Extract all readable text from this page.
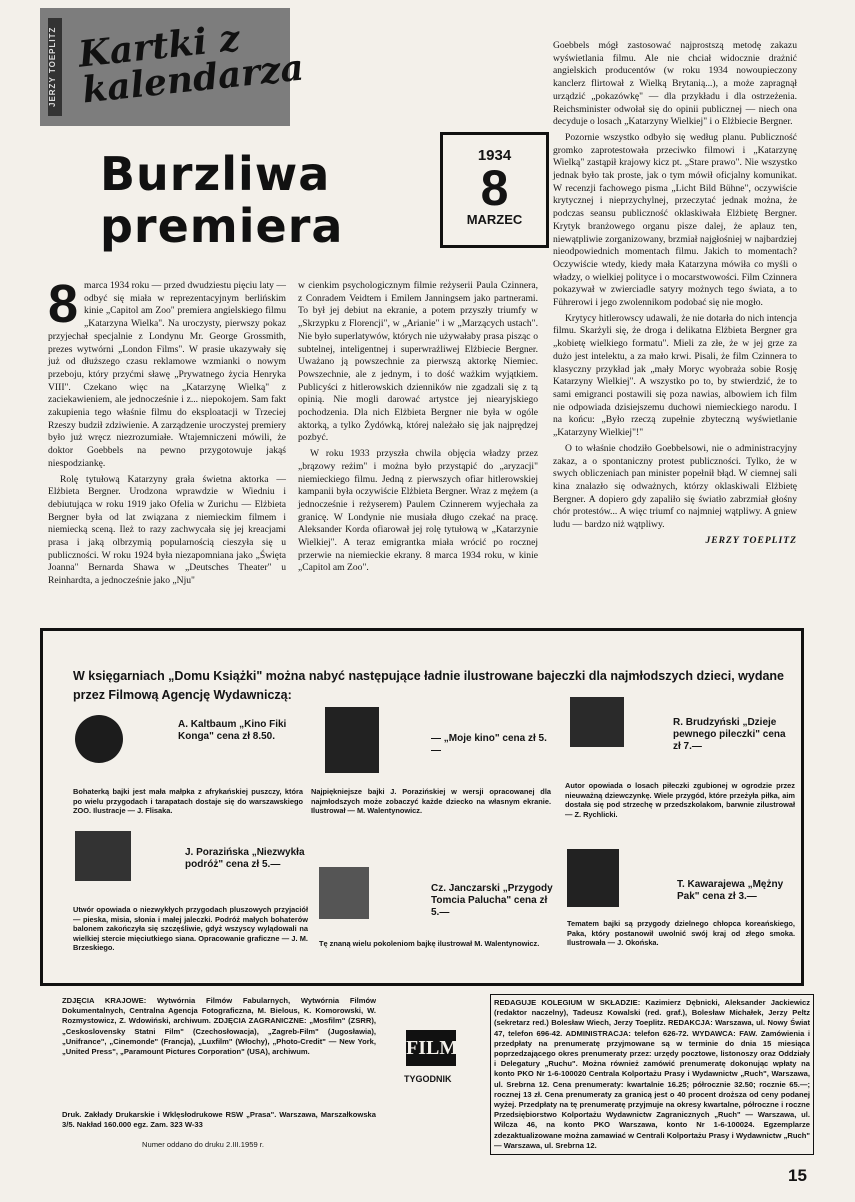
JERZY TOEPLITZ Kartki z kalendarza
Burzliwa
premiera
1934
8
MARZEC
8 marca 1934 roku — przed dwudziestu pięciu laty — odbyć się miała w reprezentacyjnym berlińskim kinie „Capitol am Zoo" premiera angielskiego filmu „Katarzyna Wielka". Na uroczysty, pierwszy pokaz przyjechał specjalnie z Londynu Mr. George Grossmith, prezes wytwórni „London Films". W prasie ukazywały się już od dłuższego czasu reklamowe wzmianki o nowym przeboju, który przyćmi sławę „Prywatnego życia Henryka VIII". Czekano więc na „Katarzynę Wielką" z zaciekawieniem, ale jednocześnie i z... niepokojem. Sam fakt zakupienia tego właśnie filmu do eksploatacji w Trzeciej Rzeszy budził zdziwienie. A zarządzenie uroczystej premiery było już wręcz niezrozumiałe. Wtajemniczeni mówili, że doktor Goebbels na pewno przygotowuje jakąś niespodziankę.

Rolę tytułową Katarzyny grała świetna aktorka — Elżbieta Bergner. Urodzona wprawdzie w Wiedniu i debiutująca w roku 1919 jako Ofelia w Zurichu — Elżbieta Bergner była od lat związana z niemieckim filmem i niemiecką sceną. Ileż to razy zachwycała się jej kreacjami prasa i jaką olbrzymią popularnością cieszyła się u publiczności. W roku 1924 była niezapomniana jako „Święta Joanna" Bernarda Shawa w „Deutsches Theater" u Reinhardta, a jednocześnie jako „Nju"

w cienkim psychologicznym filmie reżyserii Paula Czinnera, z Conradem Veidtem i Emilem Janningsem jako partnerami. To był jej debiut na ekranie, a potem przyszły triumfy w „Skrzypku z Florencji", w „Arianie" i w „Marzących ustach". Nie było superlatywów, których nie używałaby prasa pisząc o subtelnej, inteligentnej i superwrażliwej Elżbiecie Bergner. Uważano ją powszechnie za pierwszą aktorkę Niemiec. Powszechnie, ale z jednym, i to dość ważkim wyjątkiem. Publicyści z hitlerowskich dzienników nie zgadzali się z tą opinią. Nie mogli darować artystce jej niearyjskiego pochodzenia. Dla nich Elżbieta Bergner nie była w ogóle aktorką, a tylko Żydówką, której należało się jak najprędzej pozbyć.

W roku 1933 przyszła chwila objęcia władzy przez „brązowy reżim" i można było przystąpić do „aryzacji" niemieckiego filmu. Jedną z pierwszych ofiar hitlerowskiej kampanii była oczywiście Elżbieta Bergner. Wraz z mężem (a jednocześnie i reżyserem) Paulem Czinnerem wyjechała za granicę. W Londynie nie musiała długo czekać na pracę. Aleksander Korda ofiarował jej rolę tytułową w „Katarzynie Wielkiej". A teraz emigrantka miała wrócić po rocznej przerwie na niemieckie ekrany. 8 marca 1934 roku, w kinie „Capitol am Zoo".

Goebbels mógł zastosować najprostszą metodę zakazu wyświetlania filmu. Ale nie chciał widocznie drażnić angielskich producentów (w roku 1934 nowoupieczony kanclerz flirtował z Wielką Brytanią...), a może zapragnął urządzić „pokazówkę" — dla przykładu i dla ostrzeżenia. Reichsminister odwołał się do opinii publicznej — niech ona decyduje o losach „Katarzyny Wielkiej" i o Elżbiecie Bergner.

Pozornie wszystko odbyło się według planu. Publiczność gromko zaprotestowała przeciwko filmowi i „Katarzynę Wielką" zastąpił krajowy kicz pt. „Stare prawo". Nie wszystko jednak było tak proste, jak o tym mówił oficjalny komunikat. W recenzji fachowego pisma „Licht Bild Bühne", oczywiście krytycznej i nieprzychylnej, przeczytać jednak można, że podczas seansu publiczność oklaskiwała Elżbietę Bergner. Krytyk branżowego organu pisze dalej, że aplauz ten, niewątpliwie zorganizowany, brzmiał najgłośniej w najbardziej nieodpowiednich momentach filmu. Jakich to momentach? Oczywiście wtedy, kiedy mała Katarzyna mówiła co myśli o władzy, o wielkiej polityce i o mocarstwowości. Film Czinnera pokazywał w zwierciadle satyry możnych tego świata, a to Führerowi i jego zwolennikom podobać się nie mogło.

Krytycy hitlerowscy udawali, że nie dotarła do nich intencja filmu. Skarżyli się, że droga i delikatna Elżbieta Bergner gra „kobietę wielkiego formatu". Mieli za złe, że w jej grze za dużo jest intelektu, a za mało krwi. Pisali, że film Czinnera to klasyczny przykład jak „mały Moryc wyobraża sobie Rosję Katarzyny Wielkiej". A wszystko po to, by stwierdzić, że to sami emigranci postawili się poza nawias, albowiem ich film nie odpowiada dzisiejszemu duchowi niemieckiego narodu. I na końcu: „Było rzeczą zupełnie zbyteczną wyświetlanie „Katarzyny Wielkiej"!"

O to właśnie chodziło Goebbelsowi, nie o administracyjny zakaz, a o spontaniczny protest publiczności. Tylko, że w swych obliczeniach pan minister popełnił błąd. W ciemnej sali kina znalazło się odważnych, którzy oklaskiwali Elżbietę Bergner. A dopiero gdy zapaliło się światło zabrzmiał głośny chór protestów... A więc triumf co najmniej wątpliwy. A gniew ludu — bardzo niż wątpliwy.

JERZY TOEPLITZ
W księgarniach „Domu Książki" można nabyć następujące ładnie ilustrowane bajeczki dla najmłodszych dzieci, wydane przez Filmową Agencję Wydawniczą:
A. Kaltbaum „Kino Fiki Konga" cena zł 8.50.
Bohaterką bajki jest mała małpka z afrykańskiej puszczy, która po wielu przygodach i tarapatach dostaje się do warszawskiego ZOO. Ilustracje — J. Flisaka.
— „Moje kino" cena zł 5.—
Najpiękniejsze bajki J. Porazińskiej w wersji opracowanej dla najmłodszych może zobaczyć każde dziecko na własnym ekranie. Ilustrował — M. Walentynowicz.
R. Brudzyński „Dzieje pewnego pileczki" cena zł 7.—
Autor opowiada o losach piłeczki zgubionej w ogrodzie przez nieuważną dziewczynkę. Wiele przygód, które przeżyła piłka, aim dostała się pod strzechę w przedszkolakom, barwnie zilustrował — Z. Rychlicki.
J. Porazińska „Niezwykła podróż" cena zł 5.—
Utwór opowiada o niezwykłych przygodach pluszowych przyjaciół — pieska, misia, słonia i małej jaleczki. Podróż małych bohaterów balonem zakończyła się szczęśliwie, gdyż wszyscy wylądowali na wielkiej stercie mięciutkiego siana. Opracowanie graficzne — J. M. Brzeskiego.
Cz. Janczarski „Przygody Tomcia Palucha" cena zł 5.—
Tę znaną wielu pokoleniom bajkę ilustrował M. Walentynowicz.
T. Kawarajewa „Mężny Pak" cena zł 3.—
Tematem bajki są przygody dzielnego chłopca koreańskiego, Paka, który postanowił uwolnić swój kraj od złego smoka. Ilustrowała — J. Okońska.
ZDJĘCIA KRAJOWE: Wytwórnia Filmów Fabularnych, Wytwórnia Filmów Dokumentalnych, Centralna Agencja Fotograficzna, M. Bielous, K. Komorowski, W. Rozmystowicz, Z. Wdowiński, archiwum. ZDJĘCIA ZAGRANICZNE: „Mosfilm" (ZSRR), „Ceskoslovensky Statni Film" (Czechosłowacja), „Zagreb-Film" (Jugosławia), „Unifrance", „Cinemonde" (Francja), „Luxfilm" (Włochy), „Photo-Credit" — New York, „United Press", „Paramount Pictures Corporation" (USA), archiwum.
Druk. Zakłady Drukarskie i Wklęsłodrukowe RSW „Prasa". Warszawa, Marszałkowska 3/5. Nakład 160.000 egz. Zam. 323 W-33
Numer oddano do druku 2.III.1959 r.
FILM
TYGODNIK
REDAGUJE KOLEGIUM W SKŁADZIE: Kazimierz Dębnicki, Aleksander Jackiewicz (redaktor naczelny), Tadeusz Kowalski (red. graf.), Bolesław Michałek, Jerzy Peltz (sekretarz red.) Bolesław Wiech, Jerzy Toeplitz. REDAKCJA: Warszawa, ul. Nowy Świat 47, telefon 696-42. ADMINISTRACJA: telefon 626-72. WYDAWCA: FAW. Zamówienia i przedpłaty na prenumeratę przyjmowane są w terminie do dnia 15 miesiąca poprzedzającego okres prenumeraty przez: urzędy pocztowe, listonoszy oraz Oddziały i Delegatury „Ruchu". Można również zamówić prenumeratę dokonując wpłaty na konto PKO Nr 1-6-100020 Centrala Kolportażu Prasy i Wydawnictw „Ruch", Warszawa, ul. Srebrna 12. Cena prenumeraty: kwartalnie 16.25; półrocznie 32.50; rocznie 65.—; rocznej 13 zł. Cena prenumeraty za granicą jest o 40 procent droższa od ceny podanej wyżej. Przedpłaty na tę prenumeratę przyjmuje na okresy kwartalne, półroczne i roczne Przedsiębiorstwo Kolportażu Wydawnictw Zagranicznych „Ruch" — Warszawa, ul. Wilcza 46, na konto PKO Warszawa, konto Nr 1-6-100024. Egzemplarze zdezaktualizowane można zamawiać w Centrali Kolportażu Prasy i Wydawnictw „Ruch" — Warszawa, ul. Srebrna 12.
15
